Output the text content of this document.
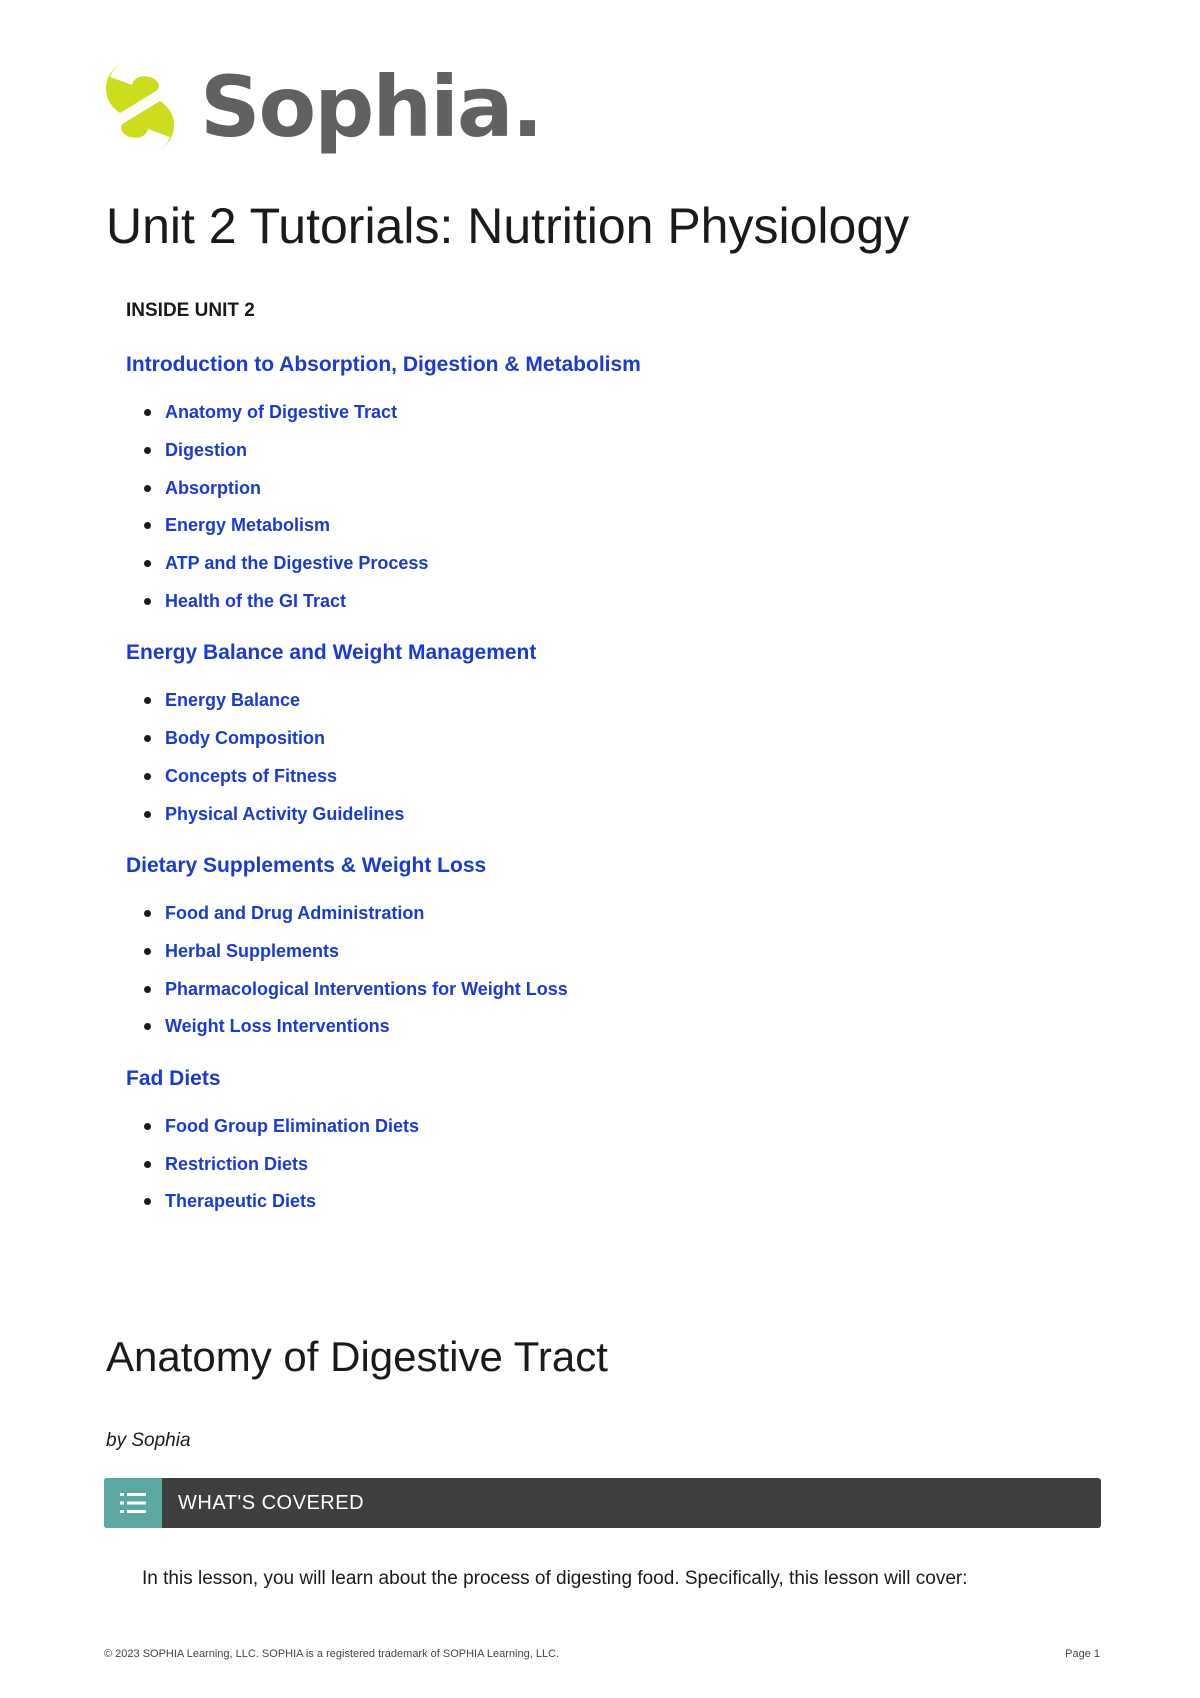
Sophia.
Unit 2 Tutorials: Nutrition Physiology
INSIDE UNIT 2
Introduction to Absorption, Digestion & Metabolism
Anatomy of Digestive Tract
Digestion
Absorption
Energy Metabolism
ATP and the Digestive Process
Health of the GI Tract
Energy Balance and Weight Management
Energy Balance
Body Composition
Concepts of Fitness
Physical Activity Guidelines
Dietary Supplements & Weight Loss
Food and Drug Administration
Herbal Supplements
Pharmacological Interventions for Weight Loss
Weight Loss Interventions
Fad Diets
Food Group Elimination Diets
Restriction Diets
Therapeutic Diets
Anatomy of Digestive Tract
by Sophia
WHAT'S COVERED
In this lesson, you will learn about the process of digesting food. Specifically, this lesson will cover:
© 2023 SOPHIA Learning, LLC. SOPHIA is a registered trademark of SOPHIA Learning, LLC.	Page 1
